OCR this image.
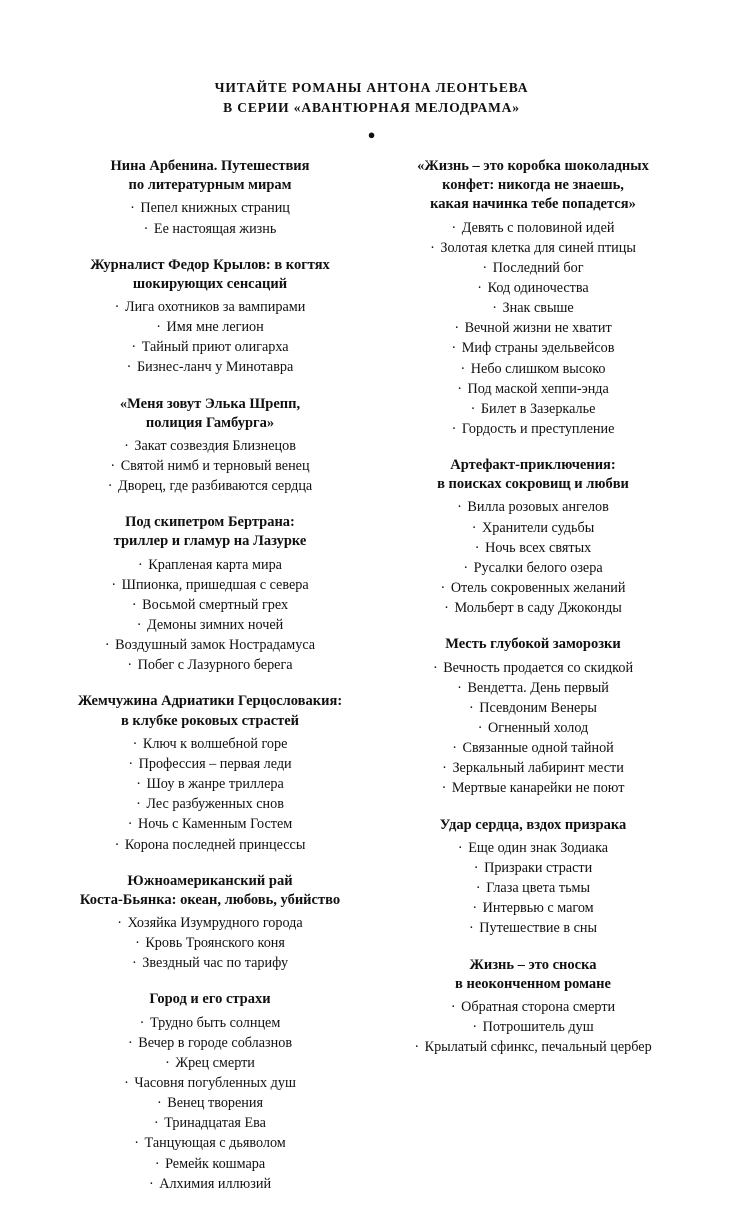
ЧИТАЙТЕ РОМАНЫ АНТОНА ЛЕОНТЬЕВА
В СЕРИИ «АВАНТЮРНАЯ МЕЛОДРАМА»
●
Нина Арбенина. Путешествия
по литературным мирам
· Пепел книжных страниц
· Ее настоящая жизнь
Журналист Федор Крылов: в когтях
шокирующих сенсаций
· Лига охотников за вампирами
· Имя мне легион
· Тайный приют олигарха
· Бизнес-ланч у Минотавра
«Меня зовут Элька Шрепп,
полиция Гамбурга»
· Закат созвездия Близнецов
· Святой нимб и терновый венец
· Дворец, где разбиваются сердца
Под скипетром Бертрана:
триллер и гламур на Лазурке
· Крапленая карта мира
· Шпионка, пришедшая с севера
· Восьмой смертный грех
· Демоны зимних ночей
· Воздушный замок Нострадамуса
· Побег с Лазурного берега
Жемчужина Адриатики Герцословакия:
в клубке роковых страстей
· Ключ к волшебной горе
· Профессия – первая леди
· Шоу в жанре триллера
· Лес разбуженных снов
· Ночь с Каменным Гостем
· Корона последней принцессы
Южноамериканский рай
Коста-Бьянка: океан, любовь, убийство
· Хозяйка Изумрудного города
· Кровь Троянского коня
· Звездный час по тарифу
Город и его страхи
· Трудно быть солнцем
· Вечер в городе соблазнов
· Жрец смерти
· Часовня погубленных душ
· Венец творения
· Тринадцатая Ева
· Танцующая с дьяволом
· Ремейк кошмара
· Алхимия иллюзий
«Жизнь – это коробка шоколадных
конфет: никогда не знаешь,
какая начинка тебе попадется»
· Девять с половиной идей
· Золотая клетка для синей птицы
· Последний бог
· Код одиночества
· Знак свыше
· Вечной жизни не хватит
· Миф страны эдельвейсов
· Небо слишком высоко
· Под маской хеппи-энда
· Билет в Зазеркалье
· Гордость и преступление
Артефакт-приключения:
в поисках сокровищ и любви
· Вилла розовых ангелов
· Хранители судьбы
· Ночь всех святых
· Русалки белого озера
· Отель сокровенных желаний
· Мольберт в саду Джоконды
Месть глубокой заморозки
· Вечность продается со скидкой
· Вендетта. День первый
· Псевдоним Венеры
· Огненный холод
· Связанные одной тайной
· Зеркальный лабиринт мести
· Мертвые канарейки не поют
Удар сердца, вздох призрака
· Еще один знак Зодиака
· Призраки страсти
· Глаза цвета тьмы
· Интервью с магом
· Путешествие в сны
Жизнь – это сноска
в неоконченном романе
· Обратная сторона смерти
· Потрошитель душ
· Крылатый сфинкс, печальный цербер
